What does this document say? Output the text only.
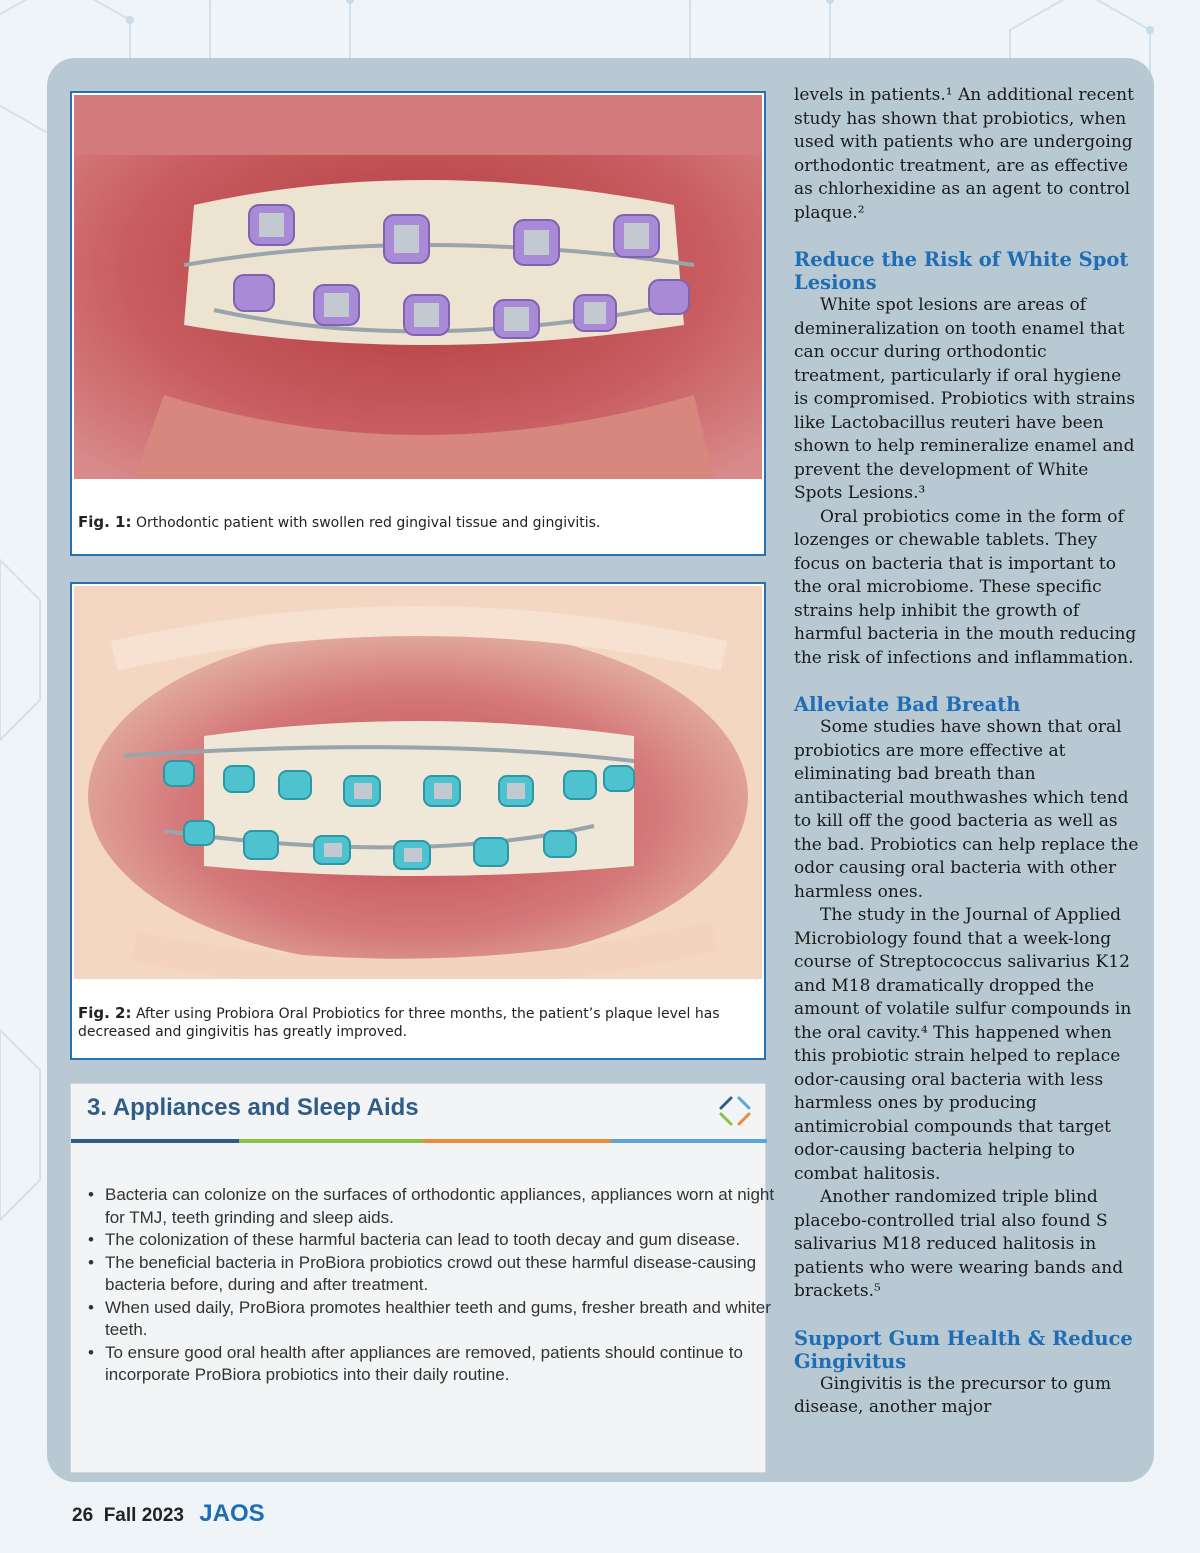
Fig. 1: Orthodontic patient with swollen red gingival tissue and gingivitis.
Fig. 2: After using Probiora Oral Probiotics for three months, the patient’s plaque level has decreased and gingivitis has greatly improved.
3. Appliances and Sleep Aids
• Bacteria can colonize on the surfaces of orthodontic appliances, appliances worn at night for TMJ, teeth grinding and sleep aids.
• The colonization of these harmful bacteria can lead to tooth decay and gum disease.
• The beneficial bacteria in ProBiora probiotics crowd out these harmful disease-causing bacteria before, during and after treatment.
• When used daily, ProBiora promotes healthier teeth and gums, fresher breath and whiter teeth.
• To ensure good oral health after appliances are removed, patients should continue to incorporate ProBiora probiotics into their daily routine.

levels in patients.¹ An additional recent study has shown that probiotics, when used with patients who are undergoing orthodontic treatment, are as effective as chlorhexidine as an agent to control plaque.²

Reduce the Risk of White Spot Lesions

White spot lesions are areas of demineralization on tooth enamel that can occur during orthodontic treatment, particularly if oral hygiene is compromised. Probiotics with strains like Lactobacillus reuteri have been shown to help remineralize enamel and prevent the development of White Spots Lesions.³

Oral probiotics come in the form of lozenges or chewable tablets. They focus on bacteria that is important to the oral microbiome. These specific strains help inhibit the growth of harmful bacteria in the mouth reducing the risk of infections and inflammation.

Alleviate Bad Breath

Some studies have shown that oral probiotics are more effective at eliminating bad breath than antibacterial mouthwashes which tend to kill off the good bacteria as well as the bad. Probiotics can help replace the odor causing oral bacteria with other harmless ones.

The study in the Journal of Applied Microbiology found that a week-long course of Streptococcus salivarius K12 and M18 dramatically dropped the amount of volatile sulfur compounds in the oral cavity.⁴ This happened when this probiotic strain helped to replace odor-causing oral bacteria with less harmless ones by producing antimicrobial compounds that target odor-causing bacteria helping to combat halitosis.

Another randomized triple blind placebo-controlled trial also found S salivarius M18 reduced halitosis in patients who were wearing bands and brackets.⁵

Support Gum Health & Reduce Gingivitus

Gingivitis is the precursor to gum disease, another major

26 Fall 2023 JAOS
